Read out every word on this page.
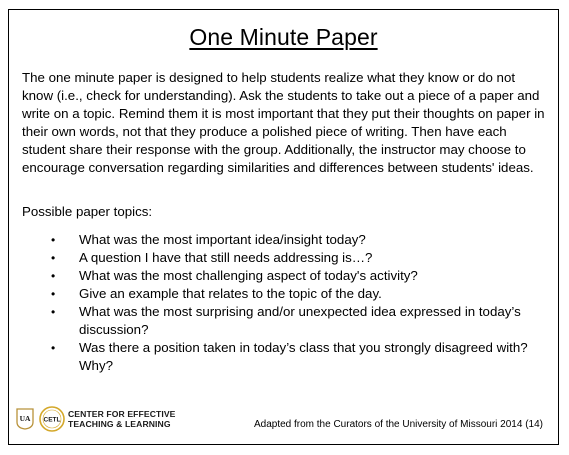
One Minute Paper

The one minute paper is designed to help students realize what they know or do not know (i.e., check for understanding). Ask the students to take out a piece of a paper and write on a topic. Remind them it is most important that they put their thoughts on paper in their own words, not that they produce a polished piece of writing. Then have each student share their response with the group. Additionally, the instructor may choose to encourage conversation regarding similarities and differences between students' ideas.

Possible paper topics:

• What was the most important idea/insight today?
• A question I have that still needs addressing is…?
• What was the most challenging aspect of today's activity?
• Give an example that relates to the topic of the day.
• What was the most surprising and/or unexpected idea expressed in today’s discussion?
• Was there a position taken in today’s class that you strongly disagreed with? Why?
UA CETL
CENTER FOR EFFECTIVE
TEACHING & LEARNING	Adapted from the Curators of the University of Missouri 2014 (14)
